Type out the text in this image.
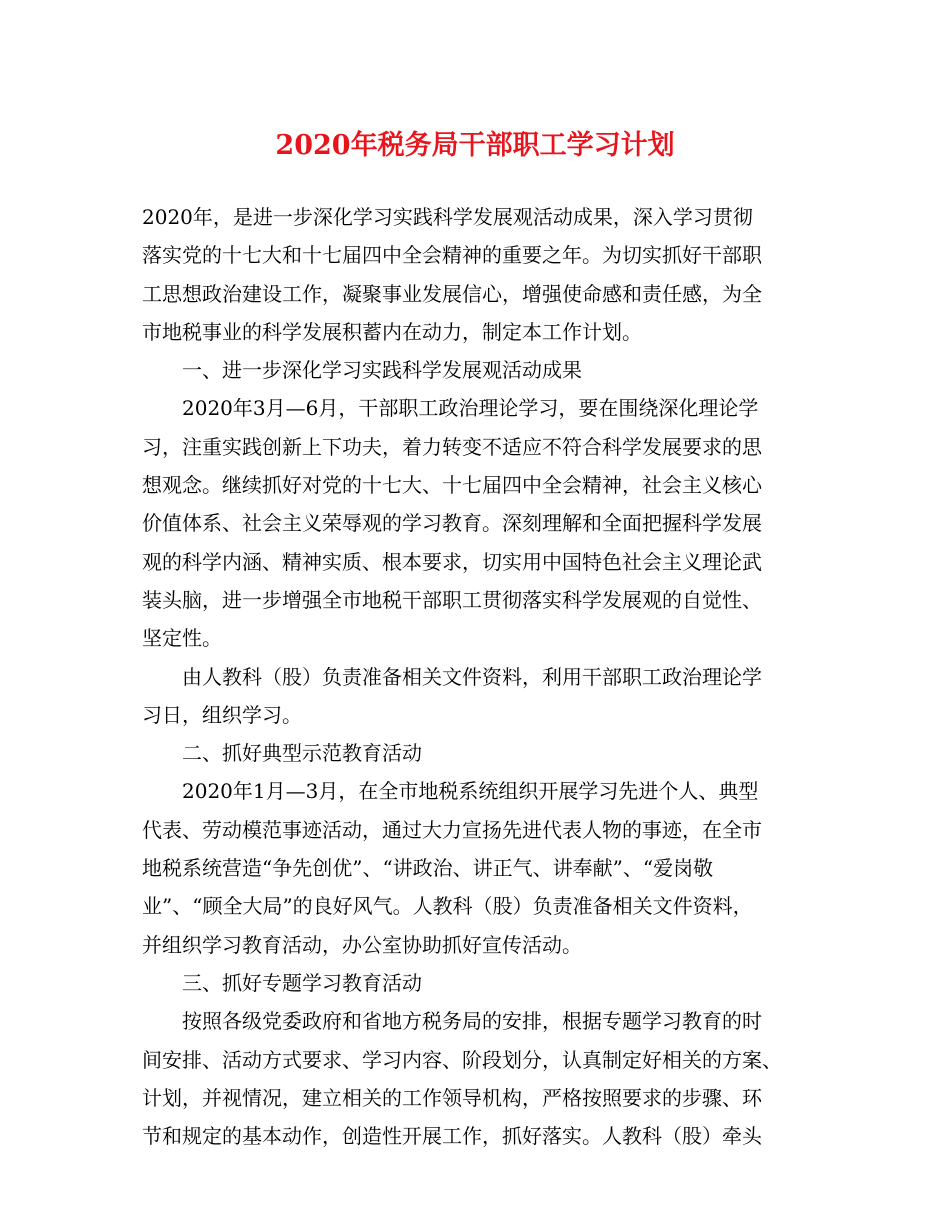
2020年税务局干部职工学习计划
2020年，是进一步深化学习实践科学发展观活动成果，深入学习贯彻
落实党的十七大和十七届四中全会精神的重要之年。为切实抓好干部职
工思想政治建设工作，凝聚事业发展信心，增强使命感和责任感，为全
市地税事业的科学发展积蓄内在动力，制定本工作计划。
一、进一步深化学习实践科学发展观活动成果
2020年3月—6月，干部职工政治理论学习，要在围绕深化理论学
习，注重实践创新上下功夫，着力转变不适应不符合科学发展要求的思
想观念。继续抓好对党的十七大、十七届四中全会精神，社会主义核心
价值体系、社会主义荣辱观的学习教育。深刻理解和全面把握科学发展
观的科学内涵、精神实质、根本要求，切实用中国特色社会主义理论武
装头脑，进一步增强全市地税干部职工贯彻落实科学发展观的自觉性、
坚定性。
由人教科（股）负责准备相关文件资料，利用干部职工政治理论学
习日，组织学习。
二、抓好典型示范教育活动
2020年1月—3月，在全市地税系统组织开展学习先进个人、典型
代表、劳动模范事迹活动，通过大力宣扬先进代表人物的事迹，在全市
地税系统营造“争先创优”、“讲政治、讲正气、讲奉献”、“爱岗敬
业”、“顾全大局”的良好风气。人教科（股）负责准备相关文件资料，
并组织学习教育活动，办公室协助抓好宣传活动。
三、抓好专题学习教育活动
按照各级党委政府和省地方税务局的安排，根据专题学习教育的时
间安排、活动方式要求、学习内容、阶段划分，认真制定好相关的方案、
计划，并视情况，建立相关的工作领导机构，严格按照要求的步骤、环
节和规定的基本动作，创造性开展工作，抓好落实。人教科（股）牵头
